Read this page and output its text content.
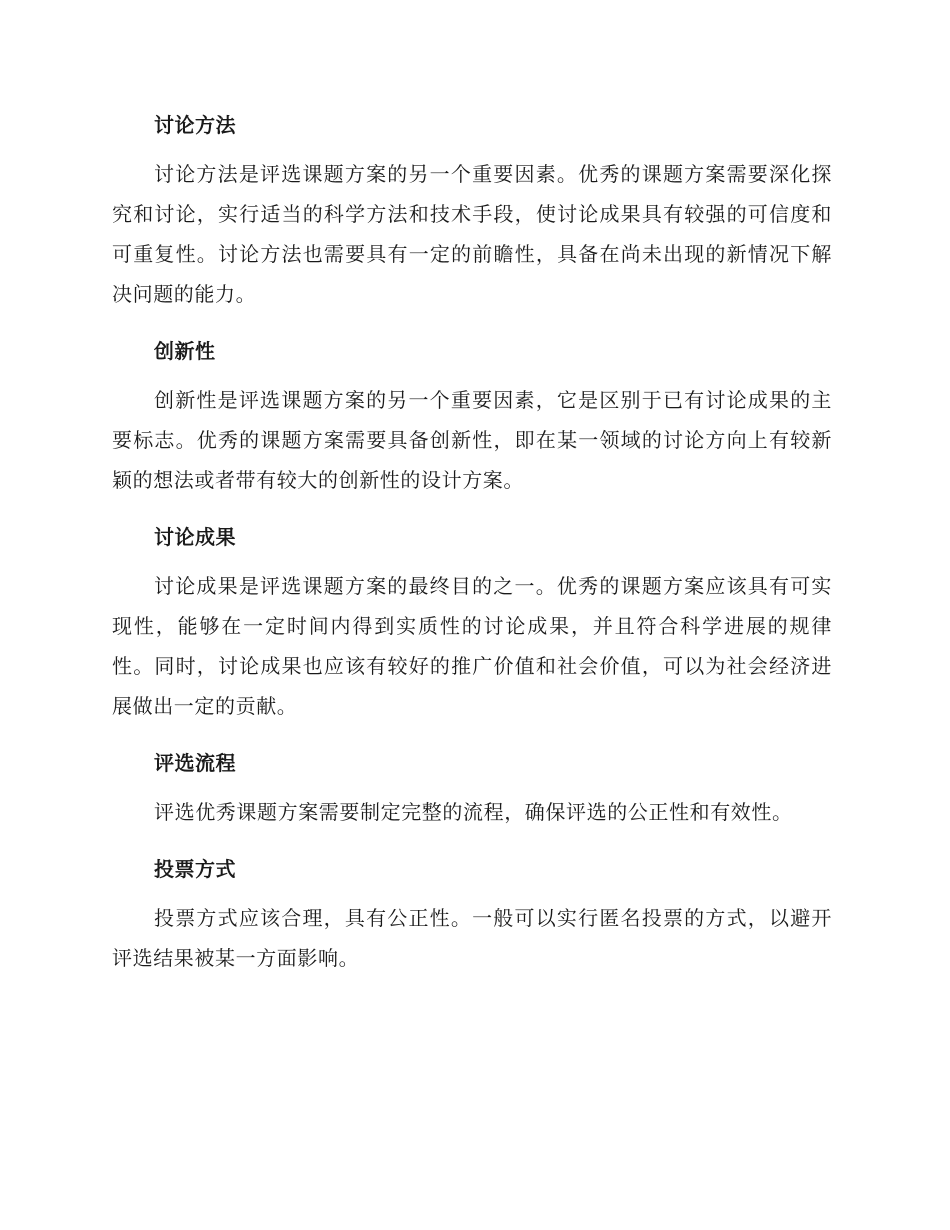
讨论方法

讨论方法是评选课题方案的另一个重要因素。优秀的课题方案需要深化探究和讨论，实行适当的科学方法和技术手段，使讨论成果具有较强的可信度和可重复性。讨论方法也需要具有一定的前瞻性，具备在尚未出现的新情况下解决问题的能力。

创新性

创新性是评选课题方案的另一个重要因素，它是区别于已有讨论成果的主要标志。优秀的课题方案需要具备创新性，即在某一领域的讨论方向上有较新颖的想法或者带有较大的创新性的设计方案。

讨论成果

讨论成果是评选课题方案的最终目的之一。优秀的课题方案应该具有可实现性，能够在一定时间内得到实质性的讨论成果，并且符合科学进展的规律性。同时，讨论成果也应该有较好的推广价值和社会价值，可以为社会经济进展做出一定的贡献。

评选流程

评选优秀课题方案需要制定完整的流程，确保评选的公正性和有效性。

投票方式

投票方式应该合理，具有公正性。一般可以实行匿名投票的方式，以避开评选结果被某一方面影响。
